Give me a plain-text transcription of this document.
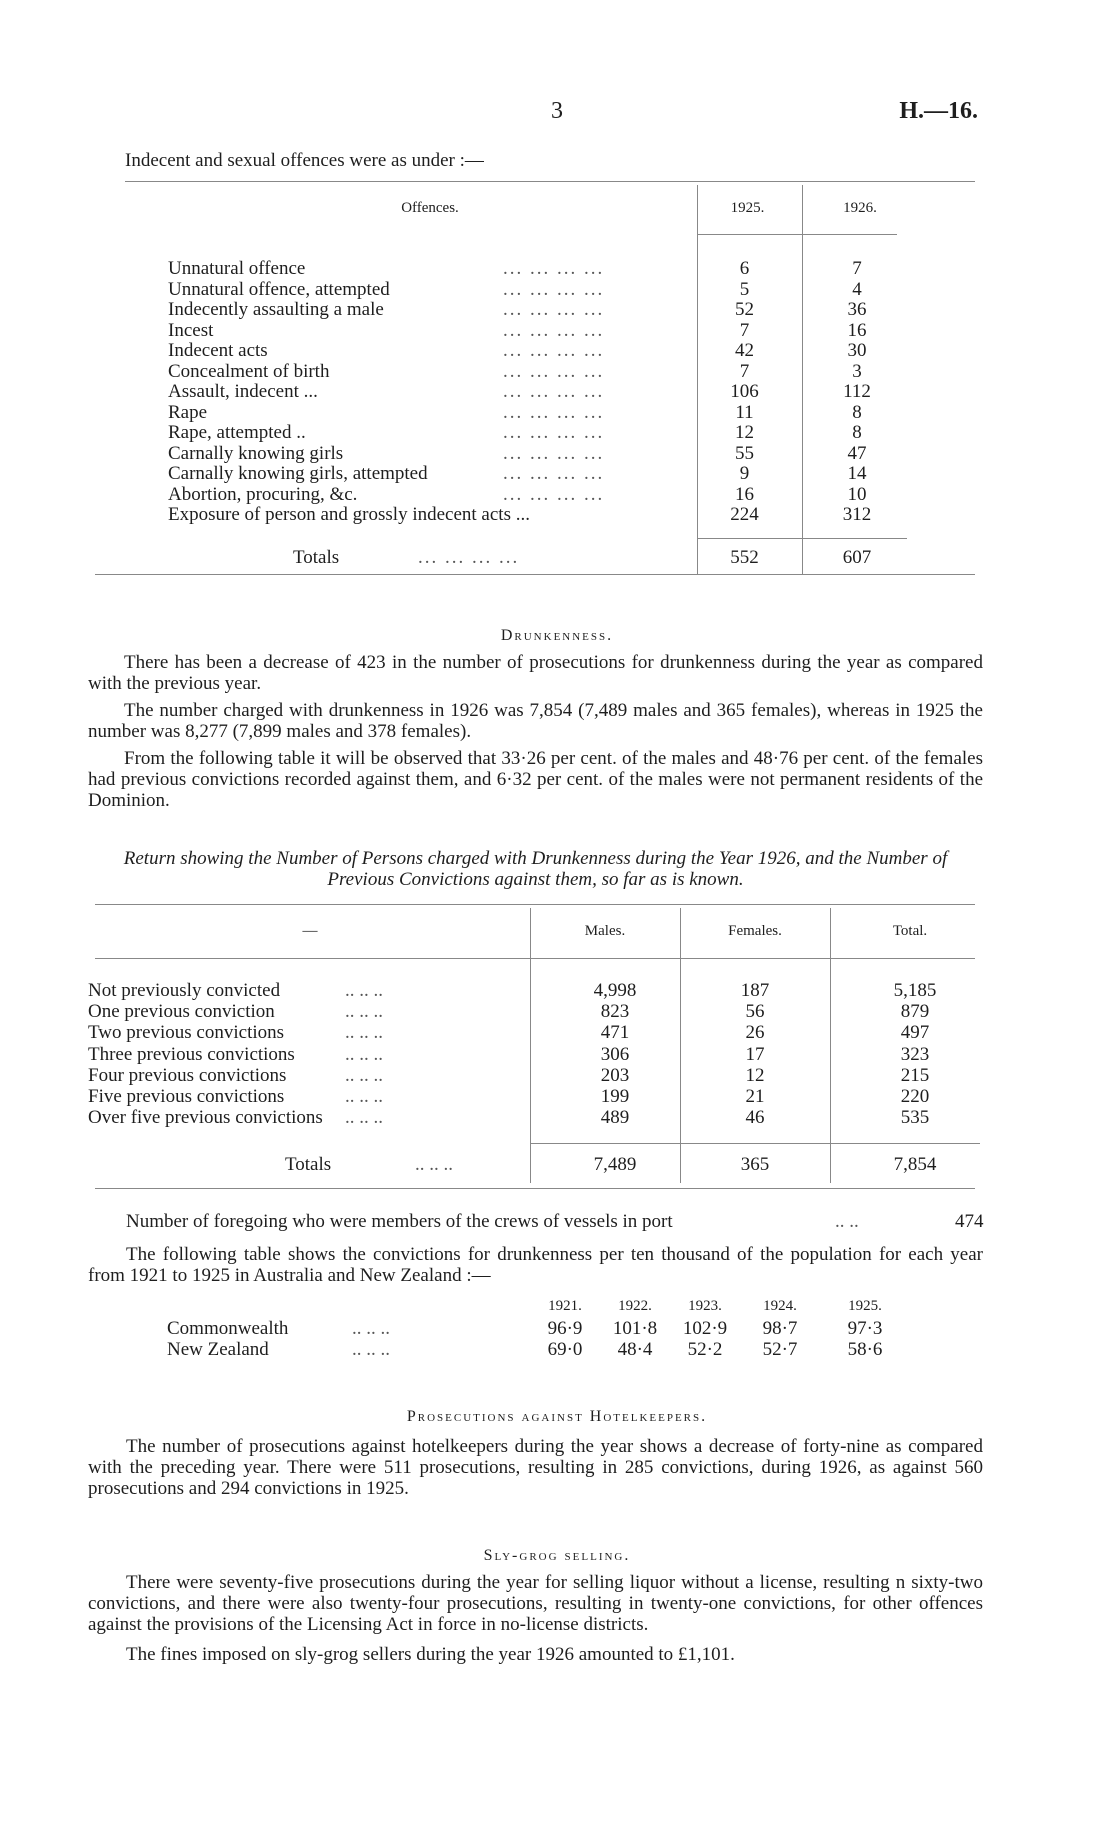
3	H.—16.
Indecent and sexual offences were as under :—
Offences.	1925.	1926.
Unnatural offence	... ... ... ...	6	7
Unnatural offence, attempted	... ... ... ...	5	4
Indecently assaulting a male	... ... ... ...	52	36
Incest	... ... ... ...	7	16
Indecent acts	... ... ... ...	42	30
Concealment of birth	... ... ... ...	7	3
Assault, indecent ...	... ... ... ...	106	112
Rape	... ... ... ...	11	8
Rape, attempted ..	... ... ... ...	12	8
Carnally knowing girls	... ... ... ...	55	47
Carnally knowing girls, attempted	... ... ... ...	9	14
Abortion, procuring, &c.	... ... ... ...	16	10
Exposure of person and grossly indecent acts ...	224	312
Totals	... ... ... ...	552	607
Drunkenness.
There has been a decrease of 423 in the number of prosecutions for drunkenness during the year as compared with the previous year.
The number charged with drunkenness in 1926 was 7,854 (7,489 males and 365 females), whereas in 1925 the number was 8,277 (7,899 males and 378 females).
From the following table it will be observed that 33·26 per cent. of the males and 48·76 per cent. of the females had previous convictions recorded against them, and 6·32 per cent. of the males were not permanent residents of the Dominion.
Return showing the Number of Persons charged with Drunkenness during the Year 1926, and the Number of Previous Convictions against them, so far as is known.
—	Males.	Females.	Total.
Not previously convicted	.. .. ..	4,998	187	5,185
One previous conviction	.. .. ..	823	56	879
Two previous convictions	.. .. ..	471	26	497
Three previous convictions	.. .. ..	306	17	323
Four previous convictions	.. .. ..	203	12	215
Five previous convictions	.. .. ..	199	21	220
Over five previous convictions .. .. ..	489	46	535
Totals	.. .. ..	7,489	365	7,854
Number of foregoing who were members of the crews of vessels in port	.. ..	474
The following table shows the convictions for drunkenness per ten thousand of the population for each year from 1921 to 1925 in Australia and New Zealand :—
1921.	1922.	1923.	1924.	1925.
Commonwealth	.. .. ..	96·9	101·8	102·9	98·7	97·3
New Zealand	.. .. ..	69·0	48·4	52·2	52·7	58·6
Prosecutions against Hotelkeepers.
The number of prosecutions against hotelkeepers during the year shows a decrease of forty-nine as compared with the preceding year. There were 511 prosecutions, resulting in 285 convictions, during 1926, as against 560 prosecutions and 294 convictions in 1925.
Sly-grog selling.
There were seventy-five prosecutions during the year for selling liquor without a license, resulting n sixty-two convictions, and there were also twenty-four prosecutions, resulting in twenty-one convictions, for other offences against the provisions of the Licensing Act in force in no-license districts.
The fines imposed on sly-grog sellers during the year 1926 amounted to £1,101.
